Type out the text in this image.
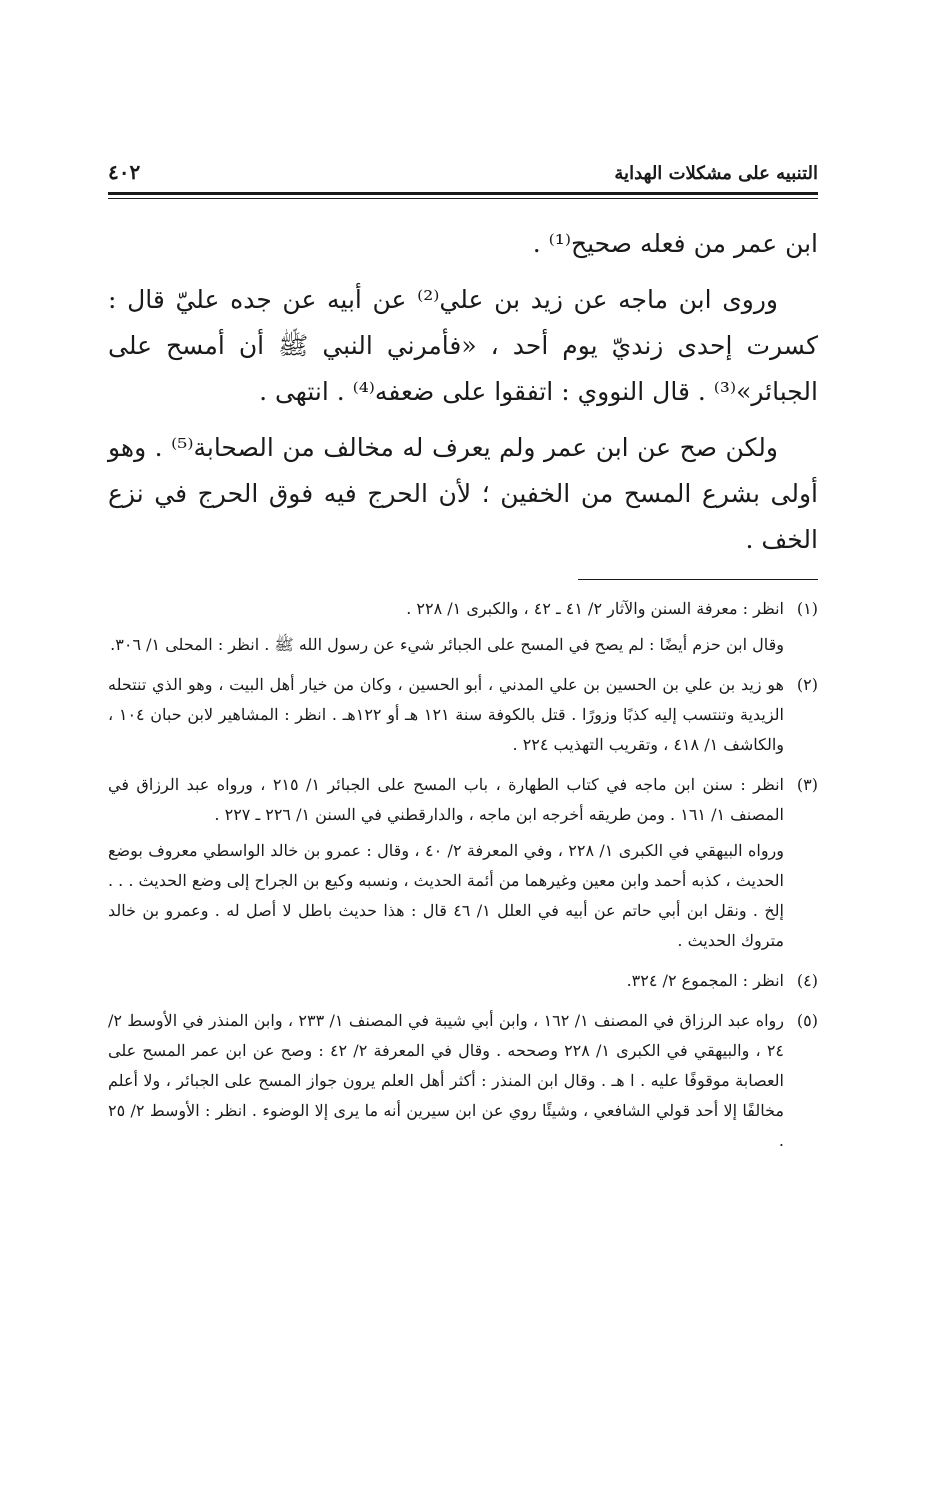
التنبيه على مشكلات الهداية
٤٠٢

ابن عمر من فعله صحيح⁽¹⁾ .

وروى ابن ماجه عن زيد بن علي⁽²⁾ عن أبيه عن جده عليّ قال : كسرت إحدى زنديّ يوم أحد ، «فأمرني النبي ﷺ أن أمسح على الجبائر»⁽³⁾ . قال النووي : اتفقوا على ضعفه⁽⁴⁾ . انتهى .

ولكن صح عن ابن عمر ولم يعرف له مخالف من الصحابة⁽⁵⁾ . وهو أولى بشرع المسح من الخفين ؛ لأن الحرج فيه فوق الحرج في نزع الخف .

(١)

انظر : معرفة السنن والآثار ٢/ ٤١ ـ ٤٢ ، والكبرى ١/ ٢٢٨ .

وقال ابن حزم أيضًا : لم يصح في المسح على الجبائر شيء عن رسول الله ﷺ . انظر : المحلى ١/ ٣٠٦.

(٢)

هو زيد بن علي بن الحسين بن علي المدني ، أبو الحسين ، وكان من خيار أهل البيت ، وهو الذي تنتحله الزيدية وتنتسب إليه كذبًا وزورًا . قتل بالكوفة سنة ١٢١ هـ أو ١٢٢هـ . انظر : المشاهير لابن حبان ١٠٤ ، والكاشف ١/ ٤١٨ ، وتقريب التهذيب ٢٢٤ .

(٣)

انظر : سنن ابن ماجه في كتاب الطهارة ، باب المسح على الجبائر ١/ ٢١٥ ، ورواه عبد الرزاق في المصنف ١/ ١٦١ . ومن طريقه أخرجه ابن ماجه ، والدارقطني في السنن ١/ ٢٢٦ ـ ٢٢٧ .

ورواه البيهقي في الكبرى ١/ ٢٢٨ ، وفي المعرفة ٢/ ٤٠ ، وقال : عمرو بن خالد الواسطي معروف بوضع الحديث ، كذبه أحمد وابن معين وغيرهما من أئمة الحديث ، ونسبه وكيع بن الجراح إلى وضع الحديث . . . إلخ . ونقل ابن أبي حاتم عن أبيه في العلل ١/ ٤٦ قال : هذا حديث باطل لا أصل له . وعمرو بن خالد متروك الحديث .

(٤)

انظر : المجموع ٢/ ٣٢٤.

(٥)

رواه عبد الرزاق في المصنف ١/ ١٦٢ ، وابن أبي شيبة في المصنف ١/ ٢٣٣ ، وابن المنذر في الأوسط ٢/ ٢٤ ، والبيهقي في الكبرى ١/ ٢٢٨ وصححه . وقال في المعرفة ٢/ ٤٢ : وصح عن ابن عمر المسح على العصابة موقوفًا عليه . ا هـ . وقال ابن المنذر : أكثر أهل العلم يرون جواز المسح على الجبائر ، ولا أعلم مخالفًا إلا أحد قولي الشافعي ، وشيئًا روي عن ابن سيرين أنه ما يرى إلا الوضوء . انظر : الأوسط ٢/ ٢٥ .
